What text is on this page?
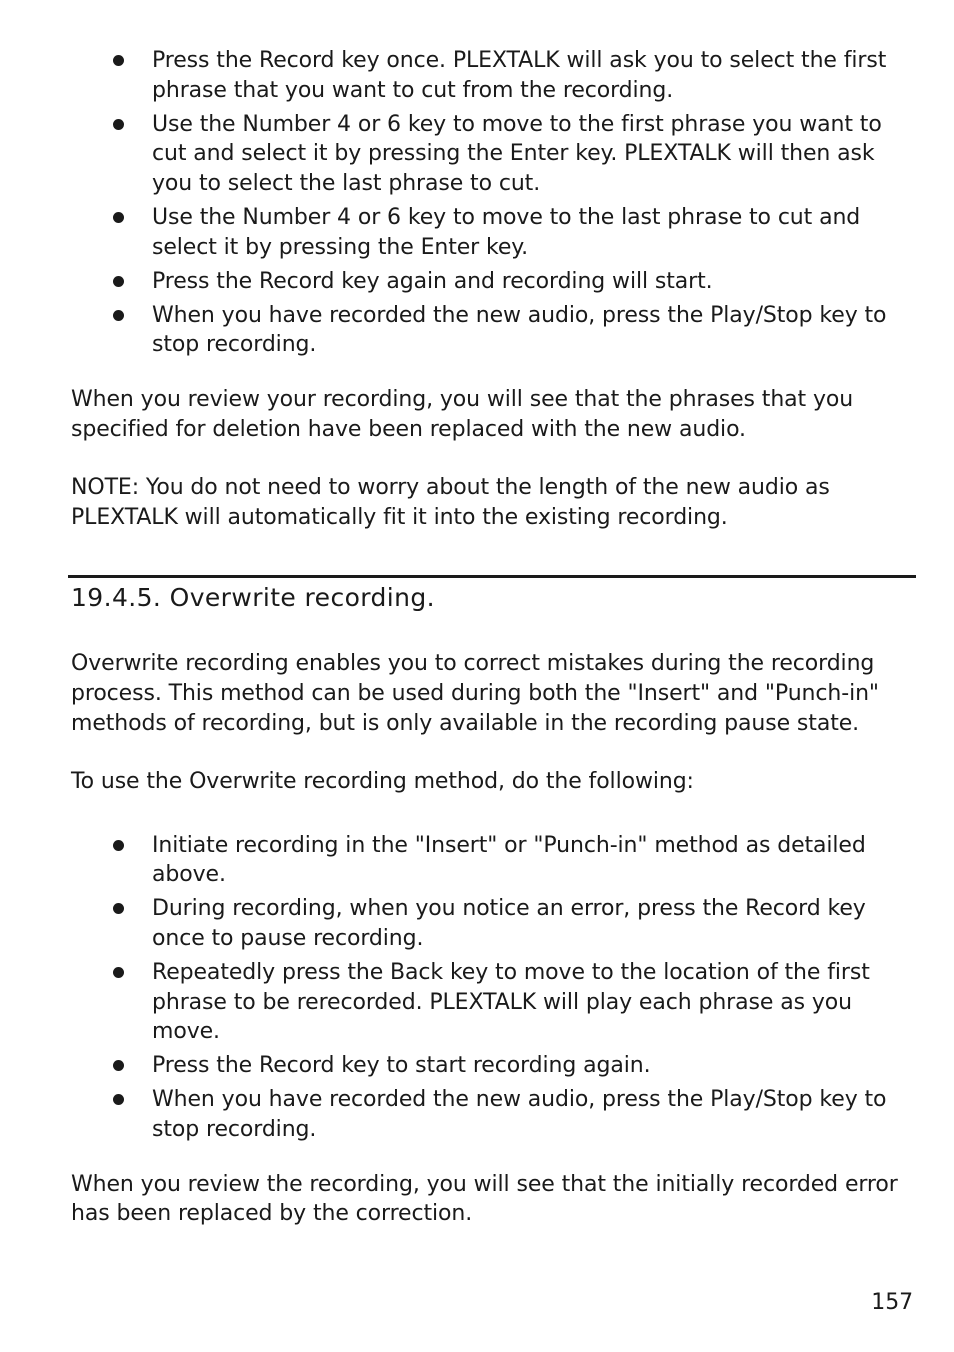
Press the Record key once. PLEXTALK will ask you to select the first phrase that you want to cut from the recording.
Use the Number 4 or 6 key to move to the first phrase you want to cut and select it by pressing the Enter key. PLEXTALK will then ask you to select the last phrase to cut.
Use the Number 4 or 6 key to move to the last phrase to cut and select it by pressing the Enter key.
Press the Record key again and recording will start.
When you have recorded the new audio, press the Play/Stop key to stop recording.

When you review your recording, you will see that the phrases that you specified for deletion have been replaced with the new audio.

NOTE: You do not need to worry about the length of the new audio as PLEXTALK will automatically fit it into the existing recording.

19.4.5. Overwrite recording.

Overwrite recording enables you to correct mistakes during the recording process. This method can be used during both the "Insert" and "Punch-in" methods of recording, but is only available in the recording pause state.

To use the Overwrite recording method, do the following:

Initiate recording in the "Insert" or "Punch-in" method as detailed above.
During recording, when you notice an error, press the Record key once to pause recording.
Repeatedly press the Back key to move to the location of the first phrase to be rerecorded. PLEXTALK will play each phrase as you move.
Press the Record key to start recording again.
When you have recorded the new audio, press the Play/Stop key to stop recording.

When you review the recording, you will see that the initially recorded error has been replaced by the correction.

157
